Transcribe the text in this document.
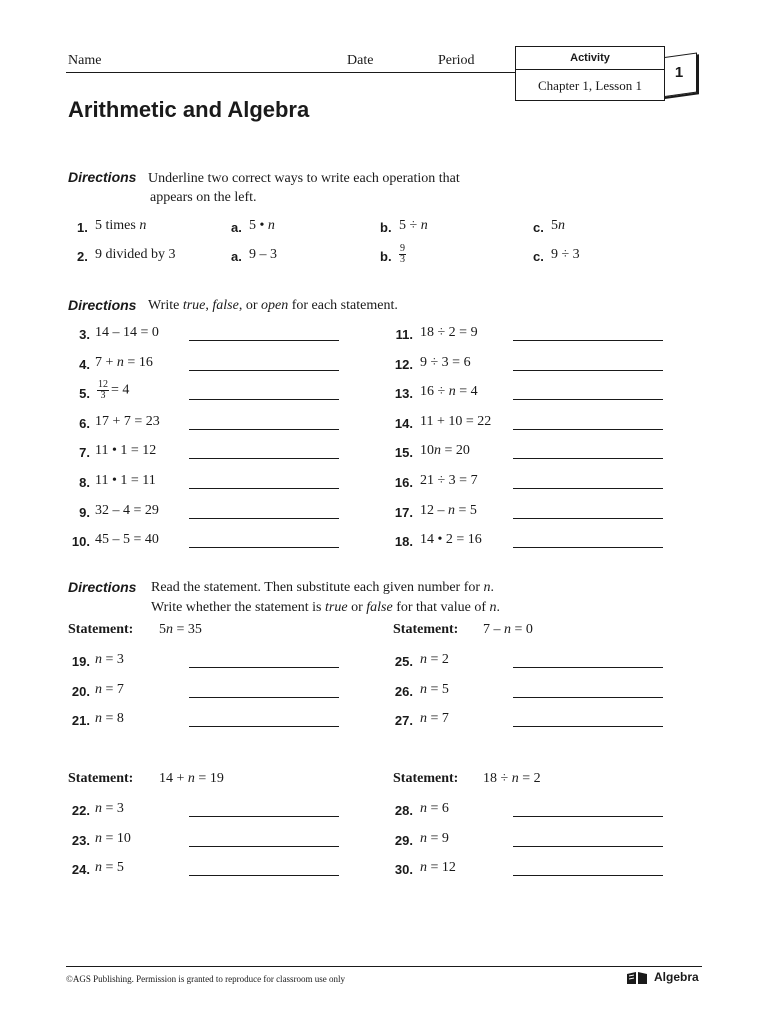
Name	Date	Period
1
Activity
Chapter 1, Lesson 1
Arithmetic and Algebra
Directions Underline two correct ways to write each operation that
appears on the left.
1. 5 times n	a. 5 • n	b. 5 ÷ n	c. 5n
2. 9 divided by 3	a. 9 – 3	b. $\frac{9}{3}$	c. 9 ÷ 3
Directions Write true, false, or open for each statement.
3. 14 – 14 = 0
4. 7 + n = 16
5. $\frac{12}{3} = 4$
6. 17 + 7 = 23
7. 11 • 1 = 12
8. 11 • 1 = 11
9. 32 – 4 = 29
10. 45 – 5 = 40
11. 18 ÷ 2 = 9
12. 9 ÷ 3 = 6
13. 16 ÷ n = 4
14. 11 + 10 = 22
15. 10n = 20
16. 21 ÷ 3 = 7
17. 12 – n = 5
18. 14 • 2 = 16
Directions Read the statement. Then substitute each given number for n.
Write whether the statement is true or false for that value of n.
Statement: 5n = 35
19. n = 3
20. n = 7
21. n = 8
Statement: 7 – n = 0
25. n = 2
26. n = 5
27. n = 7
Statement: 14 + n = 19
22. n = 3
23. n = 10
24. n = 5
Statement: 18 ÷ n = 2
28. n = 6
29. n = 9
30. n = 12
©AGS Publishing. Permission is granted to reproduce for classroom use only	Algebra
